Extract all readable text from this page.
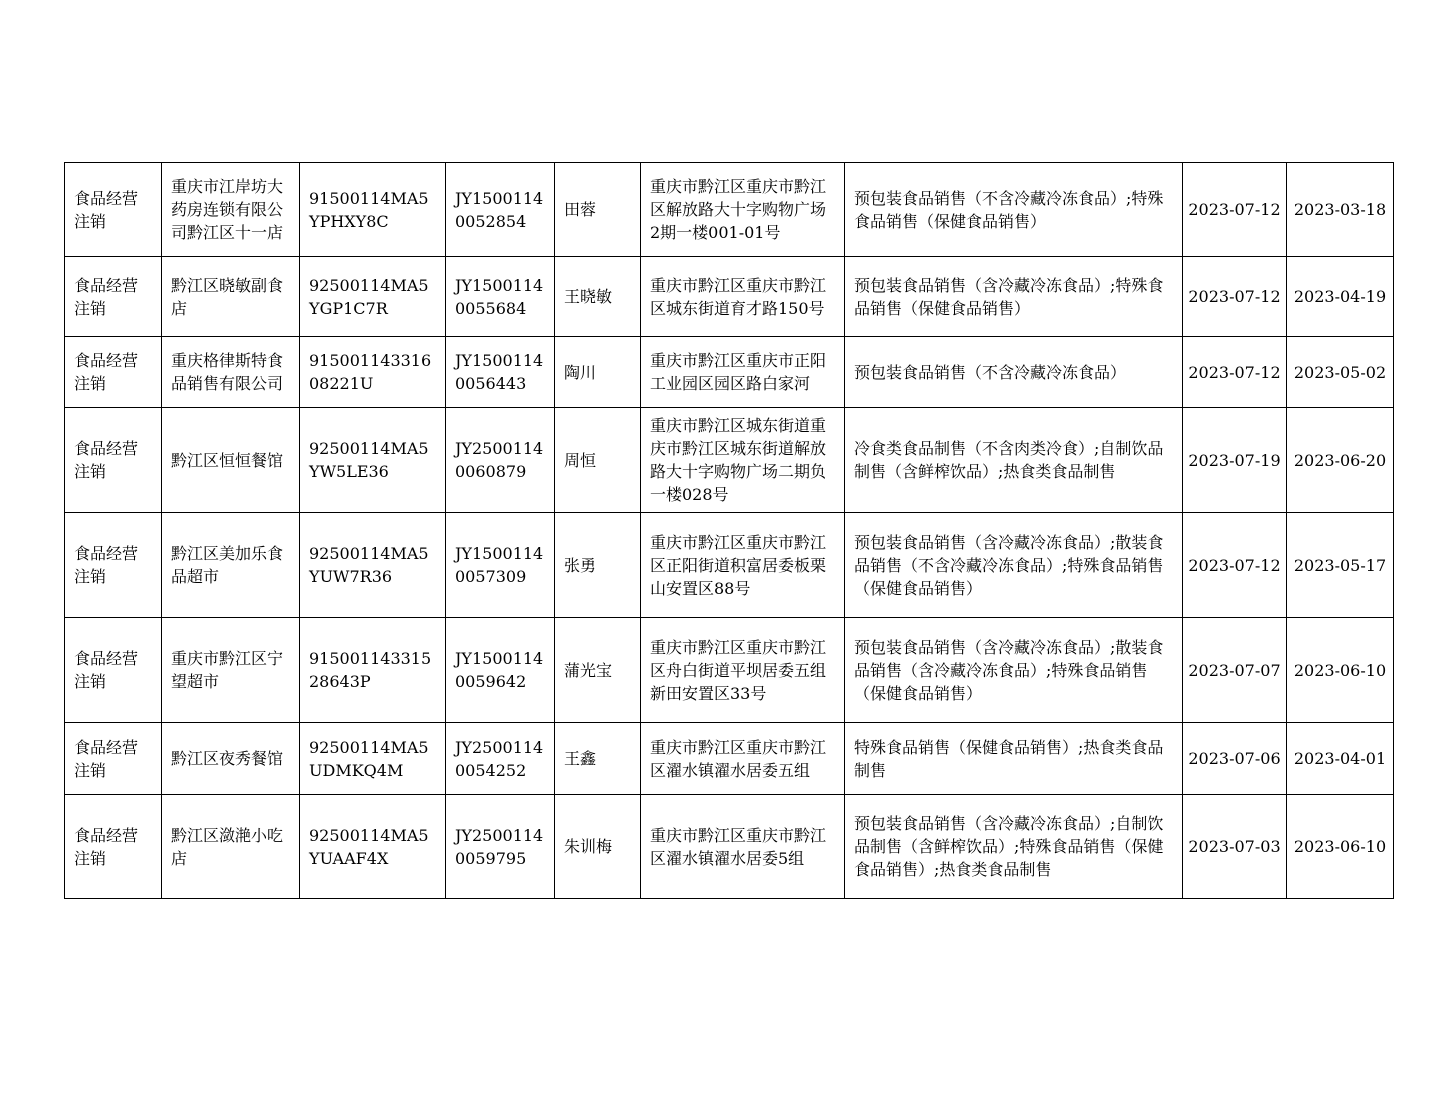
食品经营注销	重庆市江岸坊大药房连锁有限公司黔江区十一店	91500114MA5YPHXY8C	JY15001140052854	田蓉	重庆市黔江区重庆市黔江区解放路大十字购物广场2期一楼001-01号	预包装食品销售（不含冷藏冷冻食品）;特殊食品销售（保健食品销售）	2023-07-12	2023-03-18
食品经营注销	黔江区晓敏副食店	92500114MA5YGP1C7R	JY15001140055684	王晓敏	重庆市黔江区重庆市黔江区城东街道育才路150号	预包装食品销售（含冷藏冷冻食品）;特殊食品销售（保健食品销售）	2023-07-12	2023-04-19
食品经营注销	重庆格律斯特食品销售有限公司	91500114331608221U	JY15001140056443	陶川	重庆市黔江区重庆市正阳工业园区园区路白家河	预包装食品销售（不含冷藏冷冻食品）	2023-07-12	2023-05-02
食品经营注销	黔江区恒恒餐馆	92500114MA5YW5LE36	JY25001140060879	周恒	重庆市黔江区城东街道重庆市黔江区城东街道解放路大十字购物广场二期负一楼028号	冷食类食品制售（不含肉类冷食）;自制饮品制售（含鲜榨饮品）;热食类食品制售	2023-07-19	2023-06-20
食品经营注销	黔江区美加乐食品超市	92500114MA5YUW7R36	JY15001140057309	张勇	重庆市黔江区重庆市黔江区正阳街道积富居委板栗山安置区88号	预包装食品销售（含冷藏冷冻食品）;散装食品销售（不含冷藏冷冻食品）;特殊食品销售（保健食品销售）	2023-07-12	2023-05-17
食品经营注销	重庆市黔江区宁望超市	91500114331528643P	JY15001140059642	蒲光宝	重庆市黔江区重庆市黔江区舟白街道平坝居委五组新田安置区33号	预包装食品销售（含冷藏冷冻食品）;散装食品销售（含冷藏冷冻食品）;特殊食品销售（保健食品销售）	2023-07-07	2023-06-10
食品经营注销	黔江区夜秀餐馆	92500114MA5UDMKQ4M	JY25001140054252	王鑫	重庆市黔江区重庆市黔江区濯水镇濯水居委五组	特殊食品销售（保健食品销售）;热食类食品制售	2023-07-06	2023-04-01
食品经营注销	黔江区潋滟小吃店	92500114MA5YUAAF4X	JY25001140059795	朱训梅	重庆市黔江区重庆市黔江区濯水镇濯水居委5组	预包装食品销售（含冷藏冷冻食品）;自制饮品制售（含鲜榨饮品）;特殊食品销售（保健食品销售）;热食类食品制售	2023-07-03	2023-06-10
